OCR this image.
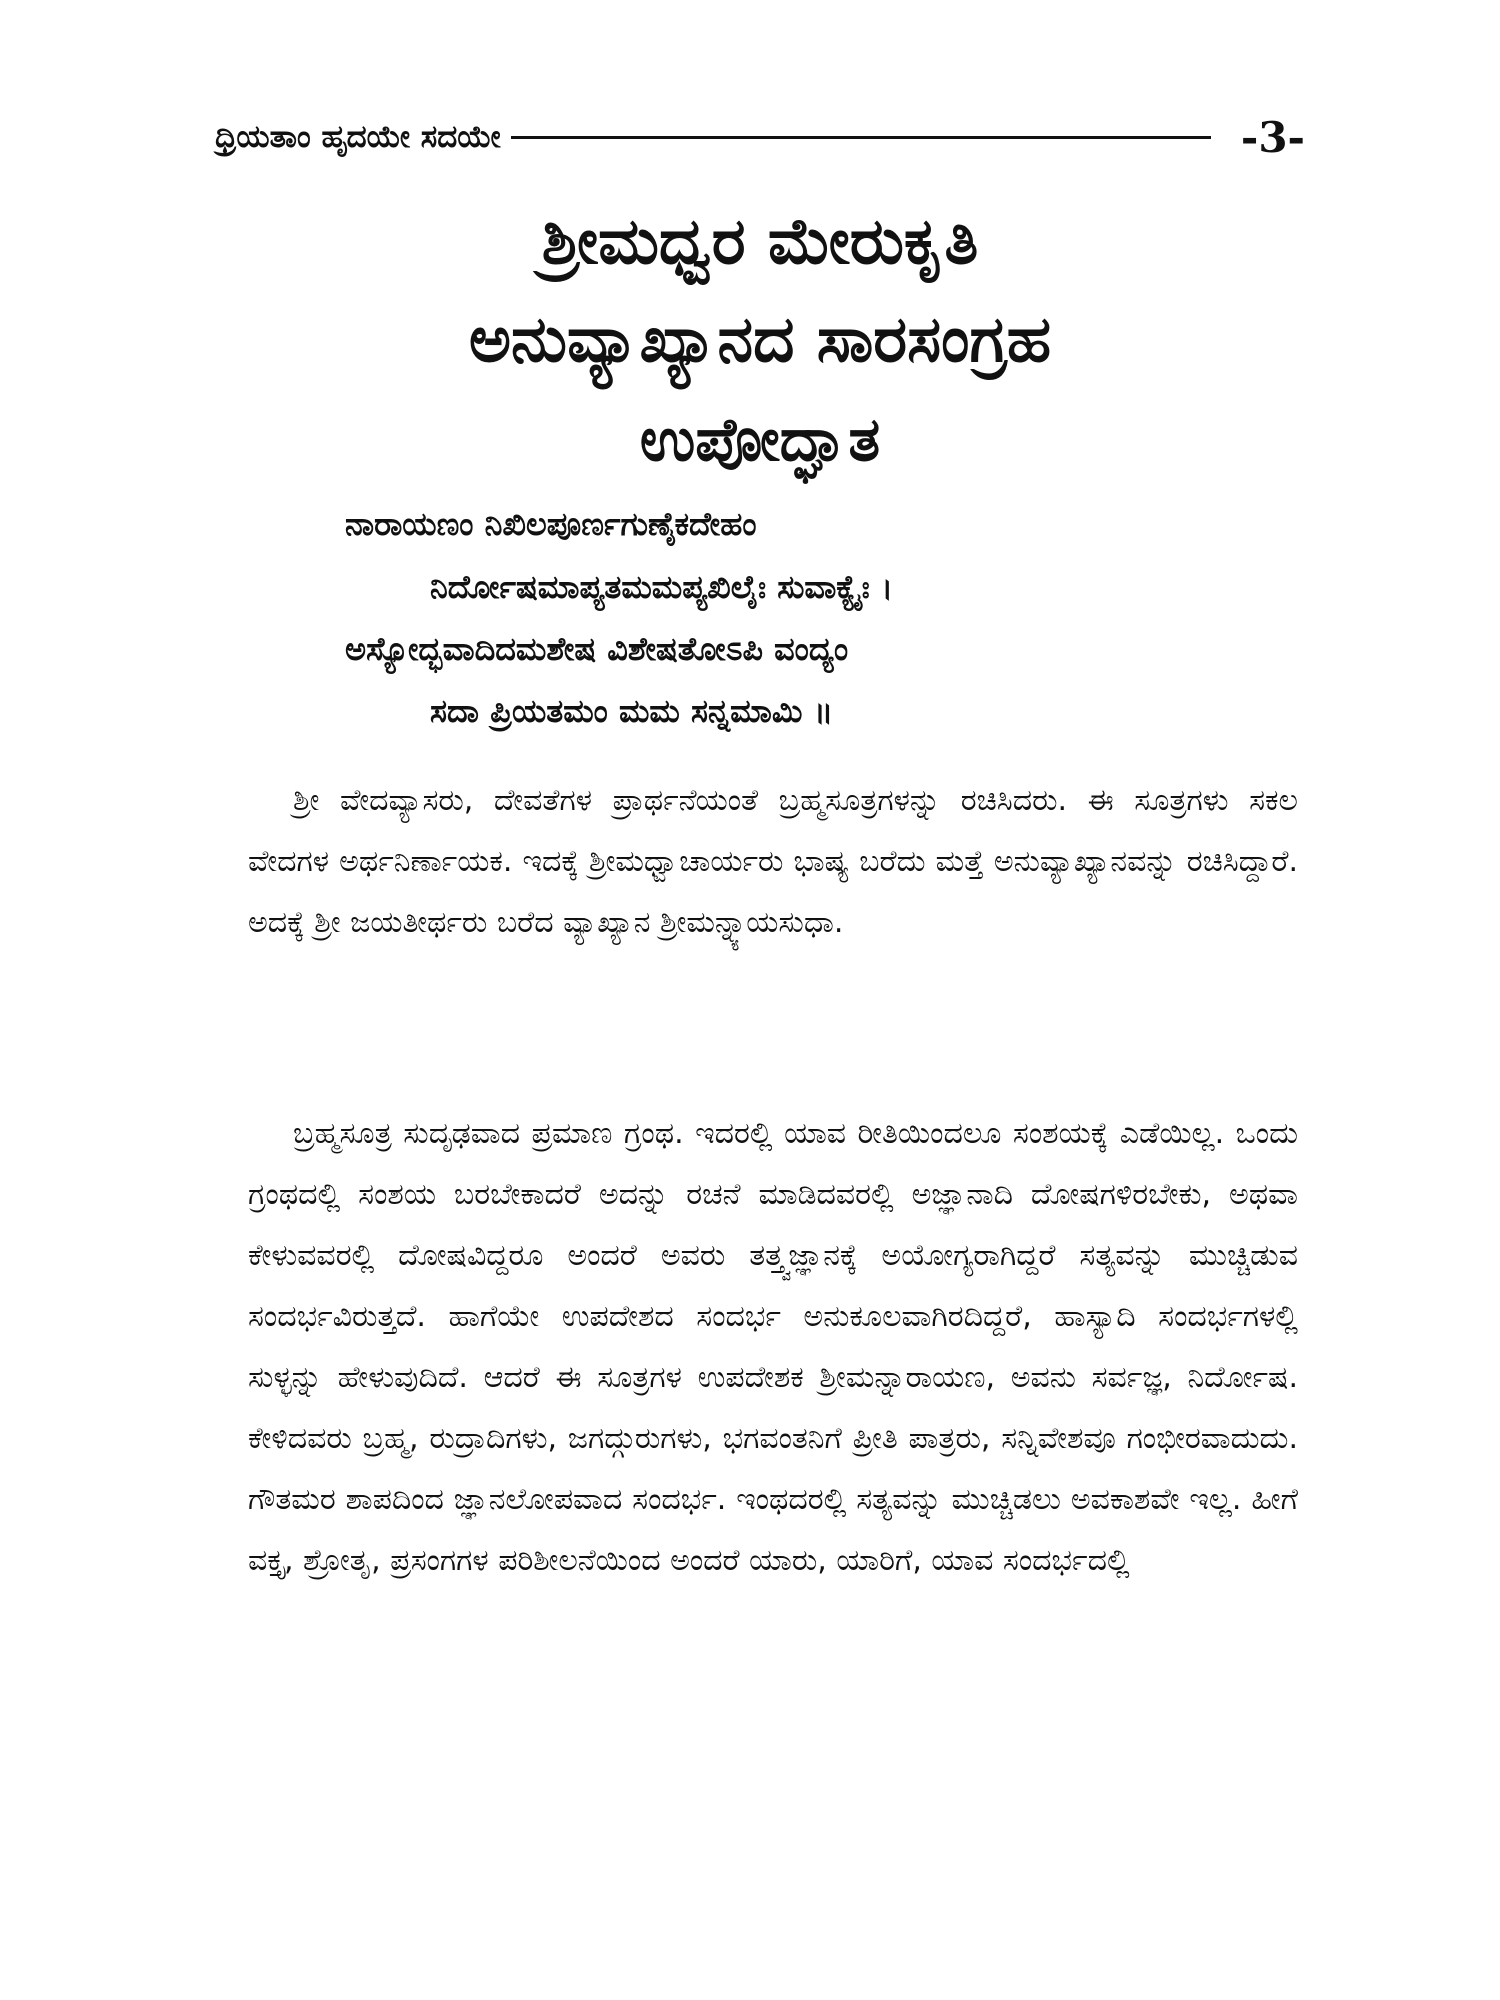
ಧ್ರಿಯತಾಂ ಹೃದಯೇ ಸದಯೇ	-3-
ಶ್ರೀಮಧ್ವರ ಮೇರುಕೃತಿ
ಅನುವ್ಯಾಖ್ಯಾನದ ಸಾರಸಂಗ್ರಹ
ಉಪೋದ್ಘಾತ
ನಾರಾಯಣಂ ನಿಖಿಲಪೂರ್ಣಗುಣೈಕದೇಹಂ
ನಿರ್ದೋಷಮಾಪ್ಯತಮಮಪ್ಯಖಿಲೈಃ ಸುವಾಕ್ಯೈಃ ।
ಅಸ್ಯೋದ್ಭವಾದಿದಮಶೇಷ ವಿಶೇಷತೋಽಪಿ ವಂದ್ಯಂ
ಸದಾ ಪ್ರಿಯತಮಂ ಮಮ ಸನ್ನಮಾಮಿ ॥

ಶ್ರೀ ವೇದವ್ಯಾಸರು, ದೇವತೆಗಳ ಪ್ರಾರ್ಥನೆಯಂತೆ ಬ್ರಹ್ಮಸೂತ್ರಗಳನ್ನು ರಚಿಸಿದರು. ಈ ಸೂತ್ರಗಳು ಸಕಲ ವೇದಗಳ ಅರ್ಥನಿರ್ಣಾಯಕ. ಇದಕ್ಕೆ ಶ್ರೀಮಧ್ವಾಚಾರ್ಯರು ಭಾಷ್ಯ ಬರೆದು ಮತ್ತೆ ಅನುವ್ಯಾಖ್ಯಾನವನ್ನು ರಚಿಸಿದ್ದಾರೆ. ಅದಕ್ಕೆ ಶ್ರೀ ಜಯತೀರ್ಥರು ಬರೆದ ವ್ಯಾಖ್ಯಾನ ಶ್ರೀಮನ್ನ್ಯಾಯಸುಧಾ.

ಬ್ರಹ್ಮಸೂತ್ರ ಸುದೃಢವಾದ ಪ್ರಮಾಣ ಗ್ರಂಥ. ಇದರಲ್ಲಿ ಯಾವ ರೀತಿಯಿಂದಲೂ ಸಂಶಯಕ್ಕೆ ಎಡೆಯಿಲ್ಲ. ಒಂದು ಗ್ರಂಥದಲ್ಲಿ ಸಂಶಯ ಬರಬೇಕಾದರೆ ಅದನ್ನು ರಚನೆ ಮಾಡಿದವರಲ್ಲಿ ಅಜ್ಞಾನಾದಿ ದೋಷಗಳಿರಬೇಕು, ಅಥವಾ ಕೇಳುವವರಲ್ಲಿ ದೋಷವಿದ್ದರೂ ಅಂದರೆ ಅವರು ತತ್ತ್ವಜ್ಞಾನಕ್ಕೆ ಅಯೋಗ್ಯರಾಗಿದ್ದರೆ ಸತ್ಯವನ್ನು ಮುಚ್ಚಿಡುವ ಸಂದರ್ಭವಿರುತ್ತದೆ. ಹಾಗೆಯೇ ಉಪದೇಶದ ಸಂದರ್ಭ ಅನುಕೂಲವಾಗಿರದಿದ್ದರೆ, ಹಾಸ್ಯಾದಿ ಸಂದರ್ಭಗಳಲ್ಲಿ ಸುಳ್ಳನ್ನು ಹೇಳುವುದಿದೆ. ಆದರೆ ಈ ಸೂತ್ರಗಳ ಉಪದೇಶಕ ಶ್ರೀಮನ್ನಾರಾಯಣ, ಅವನು ಸರ್ವಜ್ಞ, ನಿರ್ದೋಷ. ಕೇಳಿದವರು ಬ್ರಹ್ಮ, ರುದ್ರಾದಿಗಳು, ಜಗದ್ಗುರುಗಳು, ಭಗವಂತನಿಗೆ ಪ್ರೀತಿ ಪಾತ್ರರು, ಸನ್ನಿವೇಶವೂ ಗಂಭೀರವಾದುದು. ಗೌತಮರ ಶಾಪದಿಂದ ಜ್ಞಾನಲೋಪವಾದ ಸಂದರ್ಭ. ಇಂಥದರಲ್ಲಿ ಸತ್ಯವನ್ನು ಮುಚ್ಚಿಡಲು ಅವಕಾಶವೇ ಇಲ್ಲ. ಹೀಗೆ ವಕ್ತೃ, ಶ್ರೋತೃ, ಪ್ರಸಂಗಗಳ ಪರಿಶೀಲನೆಯಿಂದ ಅಂದರೆ ಯಾರು, ಯಾರಿಗೆ, ಯಾವ ಸಂದರ್ಭದಲ್ಲಿ
